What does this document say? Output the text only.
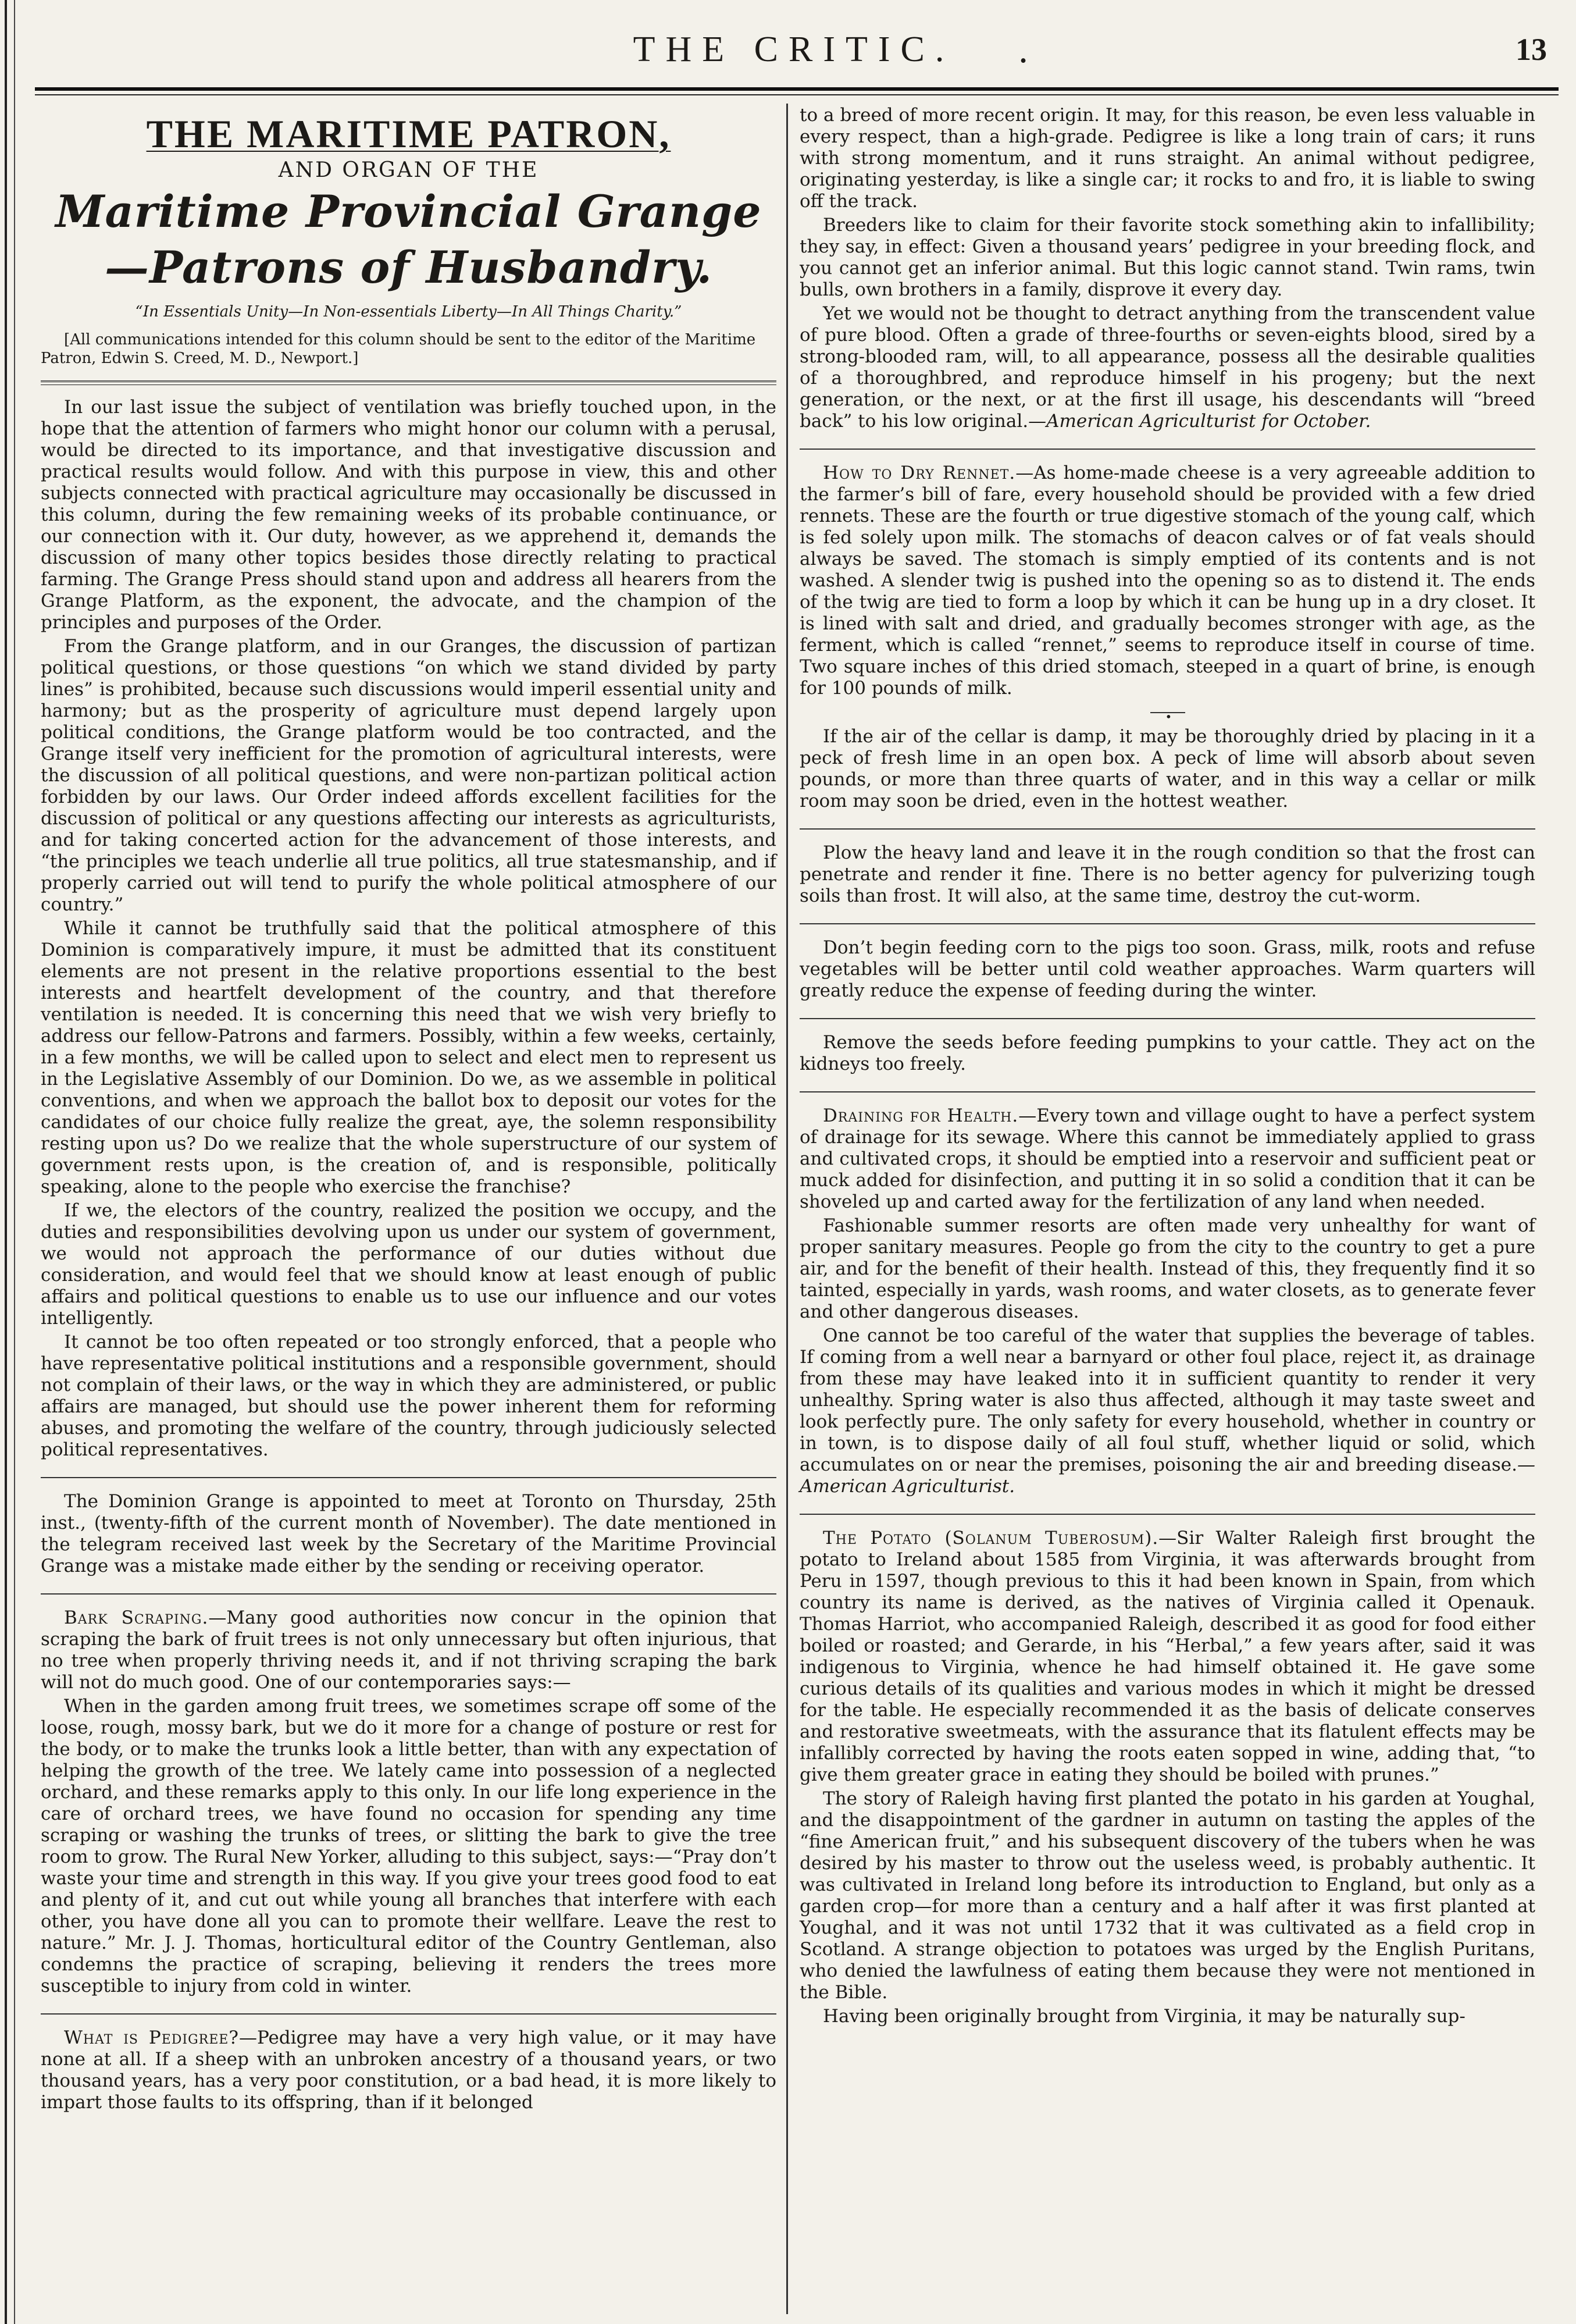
THE CRITIC.	.	13
THE MARITIME PATRON,
AND ORGAN OF THE
Maritime Provincial Grange—Patrons of Husbandry.
“In Essentials Unity—In Non-essentials Liberty—In All Things Charity.”
[All communications intended for this column should be sent to the editor of the Maritime Patron, Edwin S. Creed, M. D., Newport.]

In our last issue the subject of ventilation was briefly touched upon, in the hope that the attention of farmers who might honor our column with a perusal, would be directed to its importance, and that investigative discussion and practical results would follow. And with this purpose in view, this and other subjects connected with practical agriculture may occasionally be discussed in this column, during the few remaining weeks of its probable continuance, or our connection with it. Our duty, however, as we apprehend it, demands the discussion of many other topics besides those directly relating to practical farming. The Grange Press should stand upon and address all hearers from the Grange Platform, as the exponent, the advocate, and the champion of the principles and purposes of the Order.

From the Grange platform, and in our Granges, the discussion of partizan political questions, or those questions “on which we stand divided by party lines” is prohibited, because such discussions would imperil essential unity and harmony; but as the prosperity of agriculture must depend largely upon political conditions, the Grange platform would be too contracted, and the Grange itself very inefficient for the promotion of agricultural interests, were the discussion of all political questions, and were non-partizan political action forbidden by our laws. Our Order indeed affords excellent facilities for the discussion of political or any questions affecting our interests as agriculturists, and for taking concerted action for the advancement of those interests, and “the principles we teach underlie all true politics, all true statesmanship, and if properly carried out will tend to purify the whole political atmosphere of our country.”

While it cannot be truthfully said that the political atmosphere of this Dominion is comparatively impure, it must be admitted that its constituent elements are not present in the relative proportions essential to the best interests and heartfelt development of the country, and that therefore ventilation is needed. It is concerning this need that we wish very briefly to address our fellow-Patrons and farmers. Possibly, within a few weeks, certainly, in a few months, we will be called upon to select and elect men to represent us in the Legislative Assembly of our Dominion. Do we, as we assemble in political conventions, and when we approach the ballot box to deposit our votes for the candidates of our choice fully realize the great, aye, the solemn responsibility resting upon us? Do we realize that the whole superstructure of our system of government rests upon, is the creation of, and is responsible, politically speaking, alone to the people who exercise the franchise?

If we, the electors of the country, realized the position we occupy, and the duties and responsibilities devolving upon us under our system of government, we would not approach the performance of our duties without due consideration, and would feel that we should know at least enough of public affairs and political questions to enable us to use our influence and our votes intelligently.

It cannot be too often repeated or too strongly enforced, that a people who have representative political institutions and a responsible government, should not complain of their laws, or the way in which they are administered, or public affairs are managed, but should use the power inherent them for reforming abuses, and promoting the welfare of the country, through judiciously selected political representatives.

The Dominion Grange is appointed to meet at Toronto on Thursday, 25th inst., (twenty-fifth of the current month of November). The date mentioned in the telegram received last week by the Secretary of the Maritime Provincial Grange was a mistake made either by the sending or receiving operator.

Bark Scraping.—Many good authorities now concur in the opinion that scraping the bark of fruit trees is not only unnecessary but often injurious, that no tree when properly thriving needs it, and if not thriving scraping the bark will not do much good. One of our contemporaries says:—

When in the garden among fruit trees, we sometimes scrape off some of the loose, rough, mossy bark, but we do it more for a change of posture or rest for the body, or to make the trunks look a little better, than with any expectation of helping the growth of the tree. We lately came into possession of a neglected orchard, and these remarks apply to this only. In our life long experience in the care of orchard trees, we have found no occasion for spending any time scraping or washing the trunks of trees, or slitting the bark to give the tree room to grow. The Rural New Yorker, alluding to this subject, says:—“Pray don’t waste your time and strength in this way. If you give your trees good food to eat and plenty of it, and cut out while young all branches that interfere with each other, you have done all you can to promote their wellfare. Leave the rest to nature.” Mr. J. J. Thomas, horticultural editor of the Country Gentleman, also condemns the practice of scraping, believing it renders the trees more susceptible to injury from cold in winter.

What is Pedigree?—Pedigree may have a very high value, or it may have none at all. If a sheep with an unbroken ancestry of a thousand years, or two thousand years, has a very poor constitution, or a bad head, it is more likely to impart those faults to its offspring, than if it belonged

to a breed of more recent origin. It may, for this reason, be even less valuable in every respect, than a high-grade. Pedigree is like a long train of cars; it runs with strong momentum, and it runs straight. An animal without pedigree, originating yesterday, is like a single car; it rocks to and fro, it is liable to swing off the track.

Breeders like to claim for their favorite stock something akin to infallibility; they say, in effect: Given a thousand years’ pedigree in your breeding flock, and you cannot get an inferior animal. But this logic cannot stand. Twin rams, twin bulls, own brothers in a family, disprove it every day.

Yet we would not be thought to detract anything from the transcendent value of pure blood. Often a grade of three-fourths or seven-eights blood, sired by a strong-blooded ram, will, to all appearance, possess all the desirable qualities of a thoroughbred, and reproduce himself in his progeny; but the next generation, or the next, or at the first ill usage, his descendants will “breed back” to his low original.—American Agriculturist for October.

How to Dry Rennet.—As home-made cheese is a very agreeable addition to the farmer’s bill of fare, every household should be provided with a few dried rennets. These are the fourth or true digestive stomach of the young calf, which is fed solely upon milk. The stomachs of deacon calves or of fat veals should always be saved. The stomach is simply emptied of its contents and is not washed. A slender twig is pushed into the opening so as to distend it. The ends of the twig are tied to form a loop by which it can be hung up in a dry closet. It is lined with salt and dried, and gradually becomes stronger with age, as the ferment, which is called “rennet,” seems to reproduce itself in course of time. Two square inches of this dried stomach, steeped in a quart of brine, is enough for 100 pounds of milk.

•

If the air of the cellar is damp, it may be thoroughly dried by placing in it a peck of fresh lime in an open box. A peck of lime will absorb about seven pounds, or more than three quarts of water, and in this way a cellar or milk room may soon be dried, even in the hottest weather.

Plow the heavy land and leave it in the rough condition so that the frost can penetrate and render it fine. There is no better agency for pulverizing tough soils than frost. It will also, at the same time, destroy the cut-worm.

Don’t begin feeding corn to the pigs too soon. Grass, milk, roots and refuse vegetables will be better until cold weather approaches. Warm quarters will greatly reduce the expense of feeding during the winter.

Remove the seeds before feeding pumpkins to your cattle. They act on the kidneys too freely.

Draining for Health.—Every town and village ought to have a perfect system of drainage for its sewage. Where this cannot be immediately applied to grass and cultivated crops, it should be emptied into a reservoir and sufficient peat or muck added for disinfection, and putting it in so solid a condition that it can be shoveled up and carted away for the fertilization of any land when needed.

Fashionable summer resorts are often made very unhealthy for want of proper sanitary measures. People go from the city to the country to get a pure air, and for the benefit of their health. Instead of this, they frequently find it so tainted, especially in yards, wash rooms, and water closets, as to generate fever and other dangerous diseases.

One cannot be too careful of the water that supplies the beverage of tables. If coming from a well near a barnyard or other foul place, reject it, as drainage from these may have leaked into it in sufficient quantity to render it very unhealthy. Spring water is also thus affected, although it may taste sweet and look perfectly pure. The only safety for every household, whether in country or in town, is to dispose daily of all foul stuff, whether liquid or solid, which accumulates on or near the premises, poisoning the air and breeding disease.—American Agriculturist.

The Potato (Solanum Tuberosum).—Sir Walter Raleigh first brought the potato to Ireland about 1585 from Virginia, it was afterwards brought from Peru in 1597, though previous to this it had been known in Spain, from which country its name is derived, as the natives of Virginia called it Openauk. Thomas Harriot, who accompanied Raleigh, described it as good for food either boiled or roasted; and Gerarde, in his “Herbal,” a few years after, said it was indigenous to Virginia, whence he had himself obtained it. He gave some curious details of its qualities and various modes in which it might be dressed for the table. He especially recommended it as the basis of delicate conserves and restorative sweetmeats, with the assurance that its flatulent effects may be infallibly corrected by having the roots eaten sopped in wine, adding that, “to give them greater grace in eating they should be boiled with prunes.”

The story of Raleigh having first planted the potato in his garden at Youghal, and the disappointment of the gardner in autumn on tasting the apples of the “fine American fruit,” and his subsequent discovery of the tubers when he was desired by his master to throw out the useless weed, is probably authentic. It was cultivated in Ireland long before its introduction to England, but only as a garden crop—for more than a century and a half after it was first planted at Youghal, and it was not until 1732 that it was cultivated as a field crop in Scotland. A strange objection to potatoes was urged by the English Puritans, who denied the lawfulness of eating them because they were not mentioned in the Bible.

Having been originally brought from Virginia, it may be naturally sup-
